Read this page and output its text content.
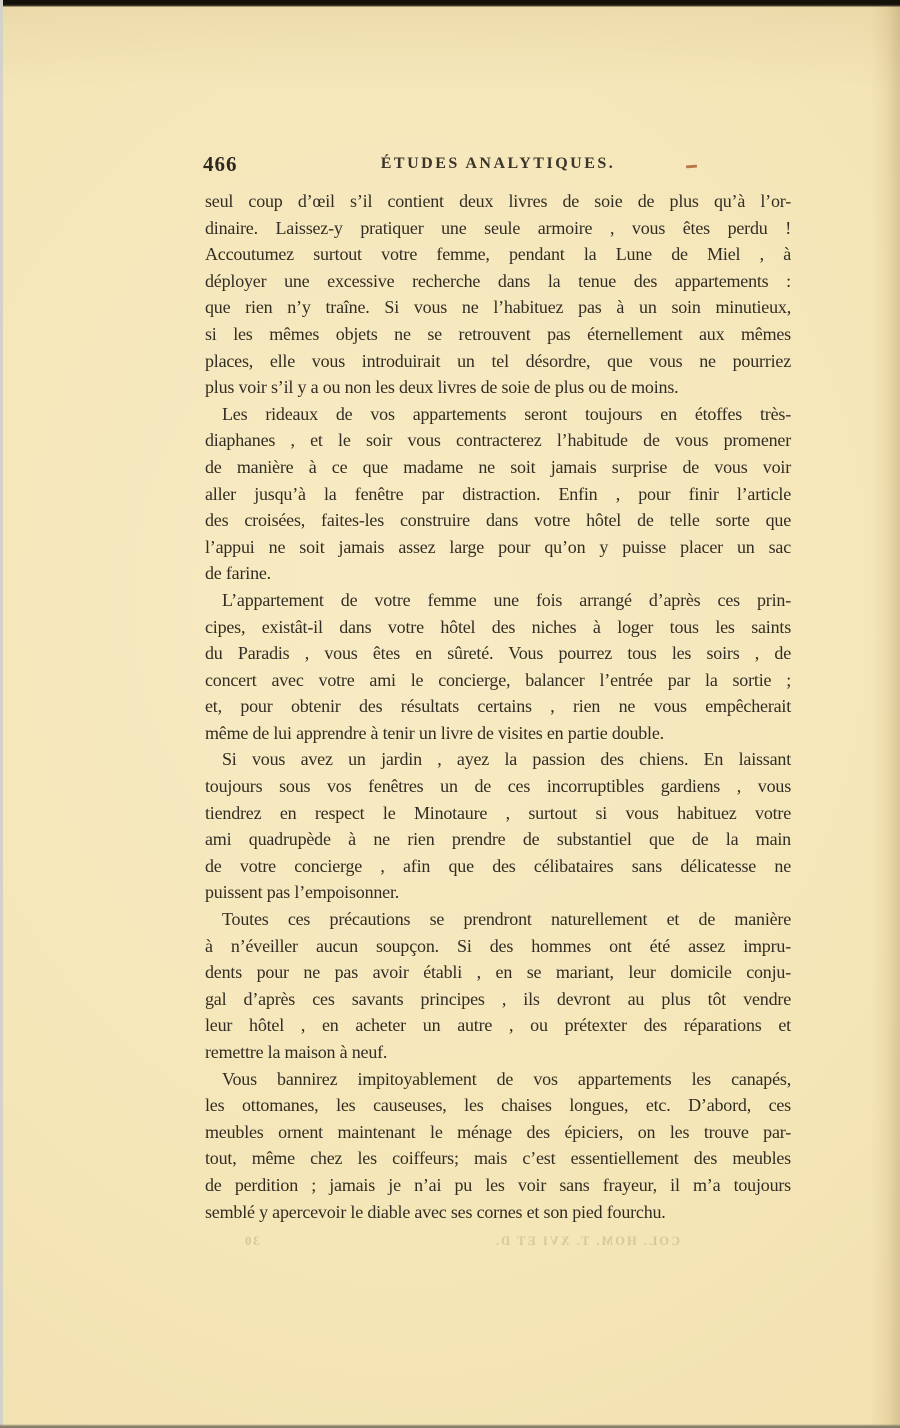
466	ÉTUDES ANALYTIQUES.
seul coup d’œil s’il contient deux livres de soie de plus qu’à l’or-
dinaire. Laissez-y pratiquer une seule armoire , vous êtes perdu !
Accoutumez surtout votre femme, pendant la Lune de Miel , à
déployer une excessive recherche dans la tenue des appartements :
que rien n’y traîne. Si vous ne l’habituez pas à un soin minutieux,
si les mêmes objets ne se retrouvent pas éternellement aux mêmes
places, elle vous introduirait un tel désordre, que vous ne pourriez
plus voir s’il y a ou non les deux livres de soie de plus ou de moins.
Les rideaux de vos appartements seront toujours en étoffes très-
diaphanes , et le soir vous contracterez l’habitude de vous promener
de manière à ce que madame ne soit jamais surprise de vous voir
aller jusqu’à la fenêtre par distraction. Enfin , pour finir l’article
des croisées, faites-les construire dans votre hôtel de telle sorte que
l’appui ne soit jamais assez large pour qu’on y puisse placer un sac
de farine.
L’appartement de votre femme une fois arrangé d’après ces prin-
cipes, existât-il dans votre hôtel des niches à loger tous les saints
du Paradis , vous êtes en sûreté. Vous pourrez tous les soirs , de
concert avec votre ami le concierge, balancer l’entrée par la sortie ;
et, pour obtenir des résultats certains , rien ne vous empêcherait
même de lui apprendre à tenir un livre de visites en partie double.
Si vous avez un jardin , ayez la passion des chiens. En laissant
toujours sous vos fenêtres un de ces incorruptibles gardiens , vous
tiendrez en respect le Minotaure , surtout si vous habituez votre
ami quadrupède à ne rien prendre de substantiel que de la main
de votre concierge , afin que des célibataires sans délicatesse ne
puissent pas l’empoisonner.
Toutes ces précautions se prendront naturellement et de manière
à n’éveiller aucun soupçon. Si des hommes ont été assez impru-
dents pour ne pas avoir établi , en se mariant, leur domicile conju-
gal d’après ces savants principes , ils devront au plus tôt vendre
leur hôtel , en acheter un autre , ou prétexter des réparations et
remettre la maison à neuf.
Vous bannirez impitoyablement de vos appartements les canapés,
les ottomanes, les causeuses, les chaises longues, etc. D’abord, ces
meubles ornent maintenant le ménage des épiciers, on les trouve par-
tout, même chez les coiffeurs; mais c’est essentiellement des meubles
de perdition ; jamais je n’ai pu les voir sans frayeur, il m’a toujours
semblé y apercevoir le diable avec ses cornes et son pied fourchu.
COL. HOM. T. XVI ET D.
30
